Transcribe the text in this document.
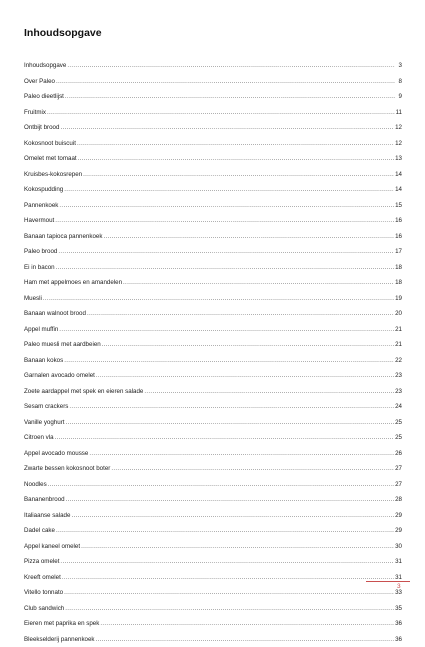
Inhoudsopgave
Inhoudsopgave .....	3
Over Paleo .....	8
Paleo dieetlijst .....	9
Fruitmix .....	11
Ontbijt brood .....	12
Kokosnoot buiscuit .....	12
Omelet met tomaat .....	13
Kruisbes-kokosrepen .....	14
Kokospudding .....	14
Pannenkoek .....	15
Havermout .....	16
Banaan tapioca pannenkoek .....	16
Paleo brood .....	17
Ei in bacon .....	18
Ham met appelmoes en amandelen .....	18
Muesli .....	19
Banaan walnoot brood .....	20
Appel muffin .....	21
Paleo muesli met aardbeien .....	21
Banaan kokos .....	22
Garnalen avocado omelet .....	23
Zoete aardappel met spek en eieren salade .....	23
Sesam crackers .....	24
Vanille yoghurt .....	25
Citroen vla .....	25
Appel avocado mousse .....	26
Zwarte bessen kokosnoot boter .....	27
Noodles .....	27
Bananenbrood .....	28
Italiaanse salade .....	29
Dadel cake .....	29
Appel kaneel omelet .....	30
Pizza omelet .....	31
Kreeft omelet .....	31
Vitello tonnato .....	33
Club sandwich .....	35
Eieren met paprika en spek .....	36
Bleekselderij pannenkoek .....	36
3
